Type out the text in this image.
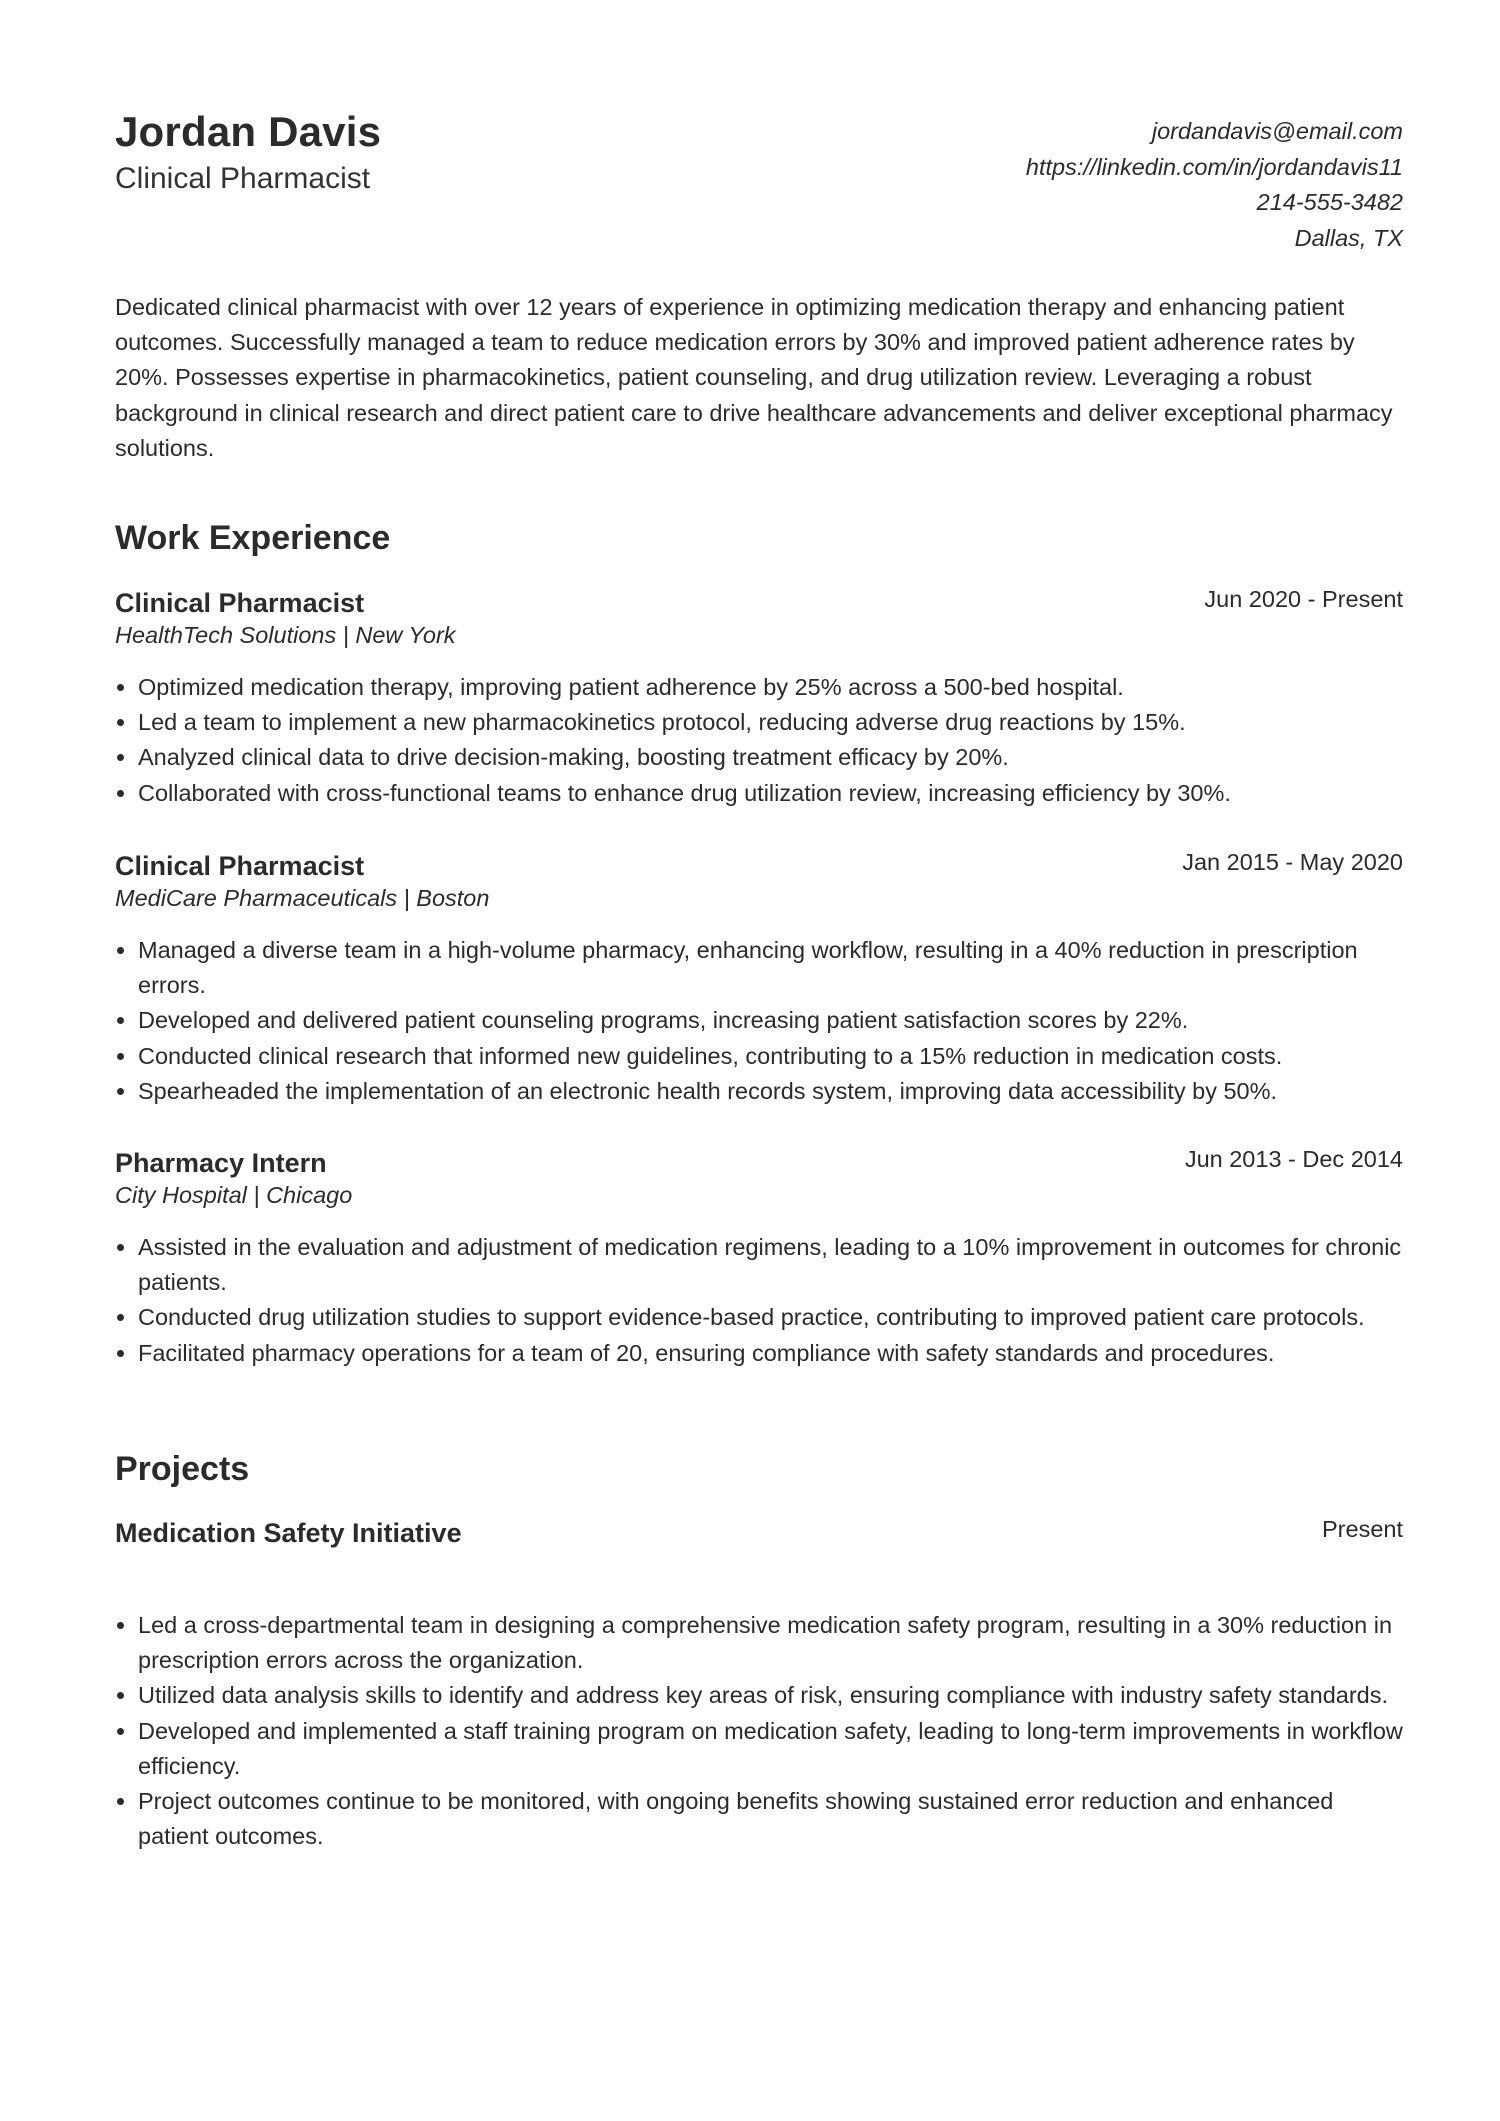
Jordan Davis
Clinical Pharmacist
jordandavis@email.com
https://linkedin.com/in/jordandavis11
214-555-3482
Dallas, TX
Dedicated clinical pharmacist with over 12 years of experience in optimizing medication therapy and enhancing patient outcomes. Successfully managed a team to reduce medication errors by 30% and improved patient adherence rates by 20%. Possesses expertise in pharmacokinetics, patient counseling, and drug utilization review. Leveraging a robust background in clinical research and direct patient care to drive healthcare advancements and deliver exceptional pharmacy solutions.
Work Experience
Clinical Pharmacist	Jun 2020 - Present
HealthTech Solutions | New York
Optimized medication therapy, improving patient adherence by 25% across a 500-bed hospital.
Led a team to implement a new pharmacokinetics protocol, reducing adverse drug reactions by 15%.
Analyzed clinical data to drive decision-making, boosting treatment efficacy by 20%.
Collaborated with cross-functional teams to enhance drug utilization review, increasing efficiency by 30%.
Clinical Pharmacist	Jan 2015 - May 2020
MediCare Pharmaceuticals | Boston
Managed a diverse team in a high-volume pharmacy, enhancing workflow, resulting in a 40% reduction in prescription errors.
Developed and delivered patient counseling programs, increasing patient satisfaction scores by 22%.
Conducted clinical research that informed new guidelines, contributing to a 15% reduction in medication costs.
Spearheaded the implementation of an electronic health records system, improving data accessibility by 50%.
Pharmacy Intern	Jun 2013 - Dec 2014
City Hospital | Chicago
Assisted in the evaluation and adjustment of medication regimens, leading to a 10% improvement in outcomes for chronic patients.
Conducted drug utilization studies to support evidence-based practice, contributing to improved patient care protocols.
Facilitated pharmacy operations for a team of 20, ensuring compliance with safety standards and procedures.
Projects
Medication Safety Initiative	Present
Led a cross-departmental team in designing a comprehensive medication safety program, resulting in a 30% reduction in prescription errors across the organization.
Utilized data analysis skills to identify and address key areas of risk, ensuring compliance with industry safety standards.
Developed and implemented a staff training program on medication safety, leading to long-term improvements in workflow efficiency.
Project outcomes continue to be monitored, with ongoing benefits showing sustained error reduction and enhanced patient outcomes.
